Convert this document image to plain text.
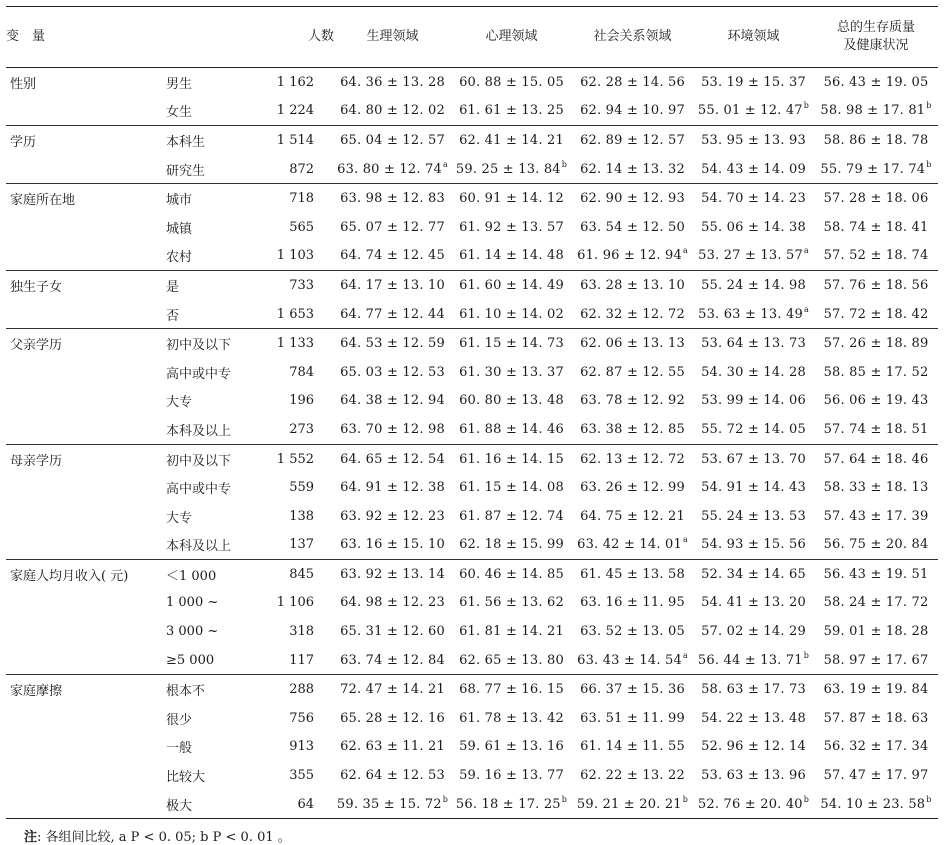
变　量		人数	生理领域	心理领域	社会关系领域	环境领域	总的生存质量
及健康状况

性别	男生	1 162	64. 36 ± 13. 28	60. 88 ± 15. 05	62. 28 ± 14. 56	53. 19 ± 15. 37	56. 43 ± 19. 05
	女生	1 224	64. 80 ± 12. 02	61. 61 ± 13. 25	62. 94 ± 10. 97	55. 01 ± 12. 47$^b$	58. 98 ± 17. 81$^b$
学历	本科生	1 514	65. 04 ± 12. 57	62. 41 ± 14. 21	62. 89 ± 12. 57	53. 95 ± 13. 93	58. 86 ± 18. 78
	研究生	872	63. 80 ± 12. 74$^a$	59. 25 ± 13. 84$^b$	62. 14 ± 13. 32	54. 43 ± 14. 09	55. 79 ± 17. 74$^b$
家庭所在地	城市	718	63. 98 ± 12. 83	60. 91 ± 14. 12	62. 90 ± 12. 93	54. 70 ± 14. 23	57. 28 ± 18. 06
	城镇	565	65. 07 ± 12. 77	61. 92 ± 13. 57	63. 54 ± 12. 50	55. 06 ± 14. 38	58. 74 ± 18. 41
	农村	1 103	64. 74 ± 12. 45	61. 14 ± 14. 48	61. 96 ± 12. 94$^a$	53. 27 ± 13. 57$^a$	57. 52 ± 18. 74
独生子女	是	733	64. 17 ± 13. 10	61. 60 ± 14. 49	63. 28 ± 13. 10	55. 24 ± 14. 98	57. 76 ± 18. 56
	否	1 653	64. 77 ± 12. 44	61. 10 ± 14. 02	62. 32 ± 12. 72	53. 63 ± 13. 49$^a$	57. 72 ± 18. 42
父亲学历	初中及以下	1 133	64. 53 ± 12. 59	61. 15 ± 14. 73	62. 06 ± 13. 13	53. 64 ± 13. 73	57. 26 ± 18. 89
	高中或中专	784	65. 03 ± 12. 53	61. 30 ± 13. 37	62. 87 ± 12. 55	54. 30 ± 14. 28	58. 85 ± 17. 52
	大专	196	64. 38 ± 12. 94	60. 80 ± 13. 48	63. 78 ± 12. 92	53. 99 ± 14. 06	56. 06 ± 19. 43
	本科及以上	273	63. 70 ± 12. 98	61. 88 ± 14. 46	63. 38 ± 12. 85	55. 72 ± 14. 05	57. 74 ± 18. 51
母亲学历	初中及以下	1 552	64. 65 ± 12. 54	61. 16 ± 14. 15	62. 13 ± 12. 72	53. 67 ± 13. 70	57. 64 ± 18. 46
	高中或中专	559	64. 91 ± 12. 38	61. 15 ± 14. 08	63. 26 ± 12. 99	54. 91 ± 14. 43	58. 33 ± 18. 13
	大专	138	63. 92 ± 12. 23	61. 87 ± 12. 74	64. 75 ± 12. 21	55. 24 ± 13. 53	57. 43 ± 17. 39
	本科及以上	137	63. 16 ± 15. 10	62. 18 ± 15. 99	63. 42 ± 14. 01$^a$	54. 93 ± 15. 56	56. 75 ± 20. 84
家庭人均月收入( 元)	＜1 000	845	63. 92 ± 13. 14	60. 46 ± 14. 85	61. 45 ± 13. 58	52. 34 ± 14. 65	56. 43 ± 19. 51
	1 000 ~	1 106	64. 98 ± 12. 23	61. 56 ± 13. 62	63. 16 ± 11. 95	54. 41 ± 13. 20	58. 24 ± 17. 72
	3 000 ~	318	65. 31 ± 12. 60	61. 81 ± 14. 21	63. 52 ± 13. 05	57. 02 ± 14. 29	59. 01 ± 18. 28
	≥5 000	117	63. 74 ± 12. 84	62. 65 ± 13. 80	63. 43 ± 14. 54$^a$	56. 44 ± 13. 71$^b$	58. 97 ± 17. 67
家庭摩擦	根本不	288	72. 47 ± 14. 21	68. 77 ± 16. 15	66. 37 ± 15. 36	58. 63 ± 17. 73	63. 19 ± 19. 84
	很少	756	65. 28 ± 12. 16	61. 78 ± 13. 42	63. 51 ± 11. 99	54. 22 ± 13. 48	57. 87 ± 18. 63
	一般	913	62. 63 ± 11. 21	59. 61 ± 13. 16	61. 14 ± 11. 55	52. 96 ± 12. 14	56. 32 ± 17. 34
	比较大	355	62. 64 ± 12. 53	59. 16 ± 13. 77	62. 22 ± 13. 22	53. 63 ± 13. 96	57. 47 ± 17. 97
	极大	64	59. 35 ± 15. 72$^b$	56. 18 ± 17. 25$^b$	59. 21 ± 20. 21$^b$	52. 76 ± 20. 40$^b$	54. 10 ± 23. 58$^b$
注: 各组间比较, a P < 0. 05; b P < 0. 01 。
